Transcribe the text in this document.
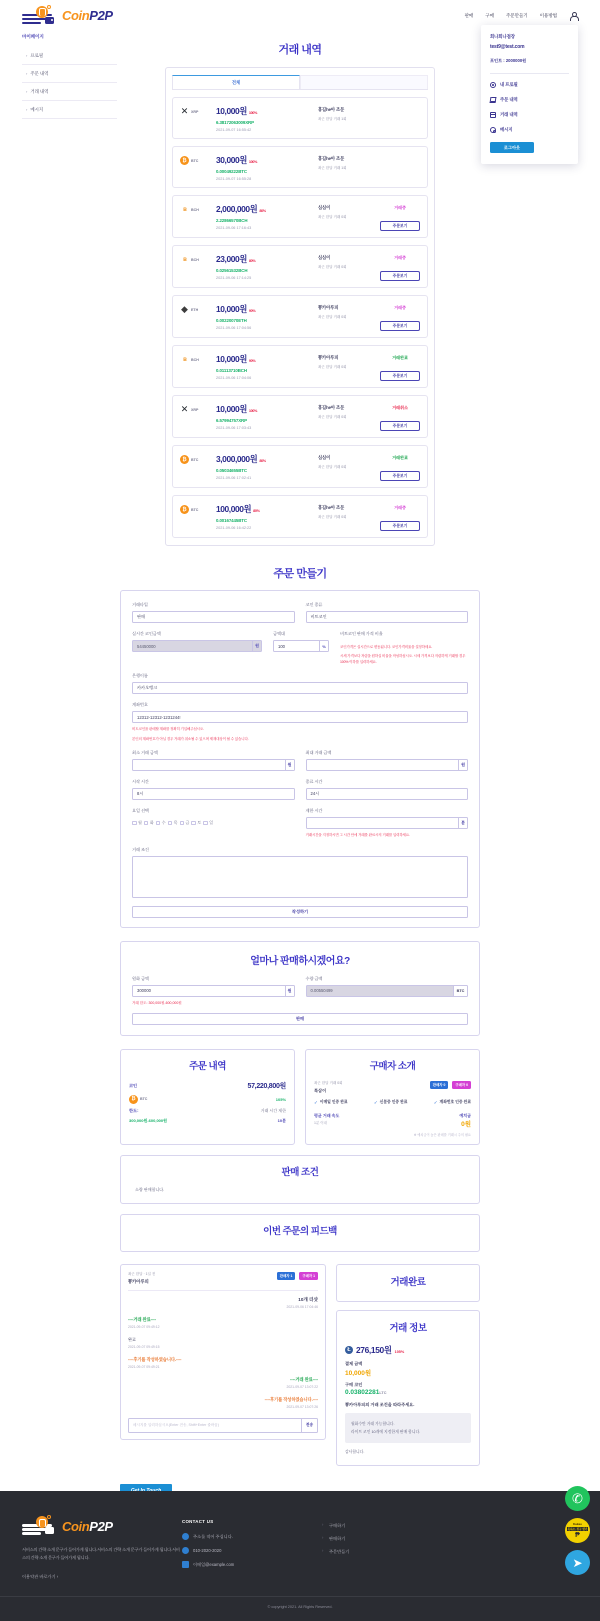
CoinP2P	판매	구매	주문만들기	이용방법
회나회나점장
test9@test.com
포인트 : 2000000원
내 프로필
주문 내역
거래 내역
메시지
로그아웃
마이페이지
› 프로필
› 주문 내역
› 거래 내역
› 메시지
거래 내역
전체
✕ XRP 10,000원 100%
6.38172063009XRP
2021-09-07 16:55:42
홍길he아 조문
최근 한달 거래 1회
₿	BTC 30,000원 100%
0.00049222BTC
2021-09-07 16:55:28
홍길he아 조문
최근 한달 거래 1회
ʙ	BCH 2,000,000원 80%
2.22866570BCH
2021-09-06 17:16:43
심심이
최근 한달 거래 0회
거래중
주문보기
ʙ	BCH 23,000원 80%
0.02561532BCH
2021-09-06 17:14:25
심심이
최근 한달 거래 0회
거래중
주문보기
◆ ETH 10,000원 90%
0.00220070ETH
2021-09-06 17:04:56
뿅카아루피
최근 한달 거래 0회
거래중
주문보기
ʙ	BCH 10,000원 90%
0.01113710BCH
2021-09-06 17:04:06
뿅카아루피
최근 한달 거래 0회
거래완료
주문보기
✕ XRP 10,000원 100%
6.57994757XRP
2021-09-06 17:03:43
홍길he아 조문
최근 한달 거래 0회
거래취소
주문보기
₿	BTC 3,000,000원 80%
0.05034655BTC
2021-09-06 17:02:41
심심이
최근 한달 거래 0회
거래완료
주문보기
₿	BTC 100,000원 80%
0.00167445BTC
2021-09-06 16:42:22
홍길he아 조문
최근 한달 거래 0회
거래중
주문보기
주문 만들기
거래타입
판매
코인 종류
비트코인
실시간 코인금액
54450000	원
금액대
100	%
비트코인 판매 가격 비율
코인가격은 실시간으로 변동됩니다. 코인가격비율을 설정하세요.
시세 가격보다 저렴을 원하실 비율을 작성하십시오. 시세 가격보다 저렴하게 거래할 경우 100% 이하를 입력하세요.
은행이름
카카오뱅크
계좌번호
12312-12312-1231244!
비트코인을 판매할 계좌를 정확히 기입해주십시오.
본인의 계좌번호가 아닐 경우 거래가 취소될 수 있으며 제재대상이 될 수 있습니다.
최소 거래 금액
원
최대 거래 금액
원
시작 시간
8시
종료 시간
24시
요일 선택
월 화 수 목 금 토 일
제한 시간
분
거래시간을 지정하시면 그 시간 안에 거래를 완료시켜 거래를 입력하세요.
거래 조건
작성하기
얼마나 판매하시겠어요?
원화 금액
300000	원
수량 금액
0.00550499	BTC
거래 한도: 300,000원-600,000원
판매
주문 내역
코인	57,220,800원
₿	BTC	105%
한도:	거래 시간 제한
300,000원-600,000원	10분
구매자 소개
최근 한달 거래 0회
특삼이
판매자 0	구매자 0
✓ 이메일 인증 완료	✓ 신분증 인증 완료	✓ 계좌번호 인증 완료
평균 거래 속도
1분 이내
예치금
0원
※ 예치금이 높은 판매를 거래시 주의 필요
판매 조건
소량 판매합니다.
이번 주문의 피드백
최근 한달 · 1일 전
뿅카아루피
판매자 1	구매자 1
10개 더샷
2021-09-06 17:04:46
----거래 완료----
2021-09-07 09:49:12
완료
2021-09-07 09:49:15
----후기를 작성하였습니다.----
2021-09-07 09:49:21
----거래 완료----
2021-09-07 13:07:22
----후기를 작성하였습니다.----
2021-09-07 13:07:26
메시지를 입력하십시오(Enter 전송, Shift+Enter 줄바꿈)	전송
거래완료
거래 정보
Ł 276,150원 105%
결제 금액
10,000원
구매 코인
0.03802281LTC
뿅카아루피의 거래 조건을 따라주세요.
월화수만 거래 가능합니다.
라이트 코인 10개에 지정한게 판매 합니다.
감사합니다.
CoinP2P
서비스의 간략 소개 문구가 들어가게 됩니다.서비스의 간략 소개 문구가 들어가게 됩니다.서비스의 간략 소개 문구가 들어가게 됩니다.
이용약관 바로가기 ›
CONTACT US
주소를 적어 주십니다.
010-2020-2020
이메일@example.com
› 구매하기
› 판매하기
› 주문만들기
© copyright 2021. All Rights Reserved.
✆
Kakao
톡하소, 친구 맺기
₱
➤
